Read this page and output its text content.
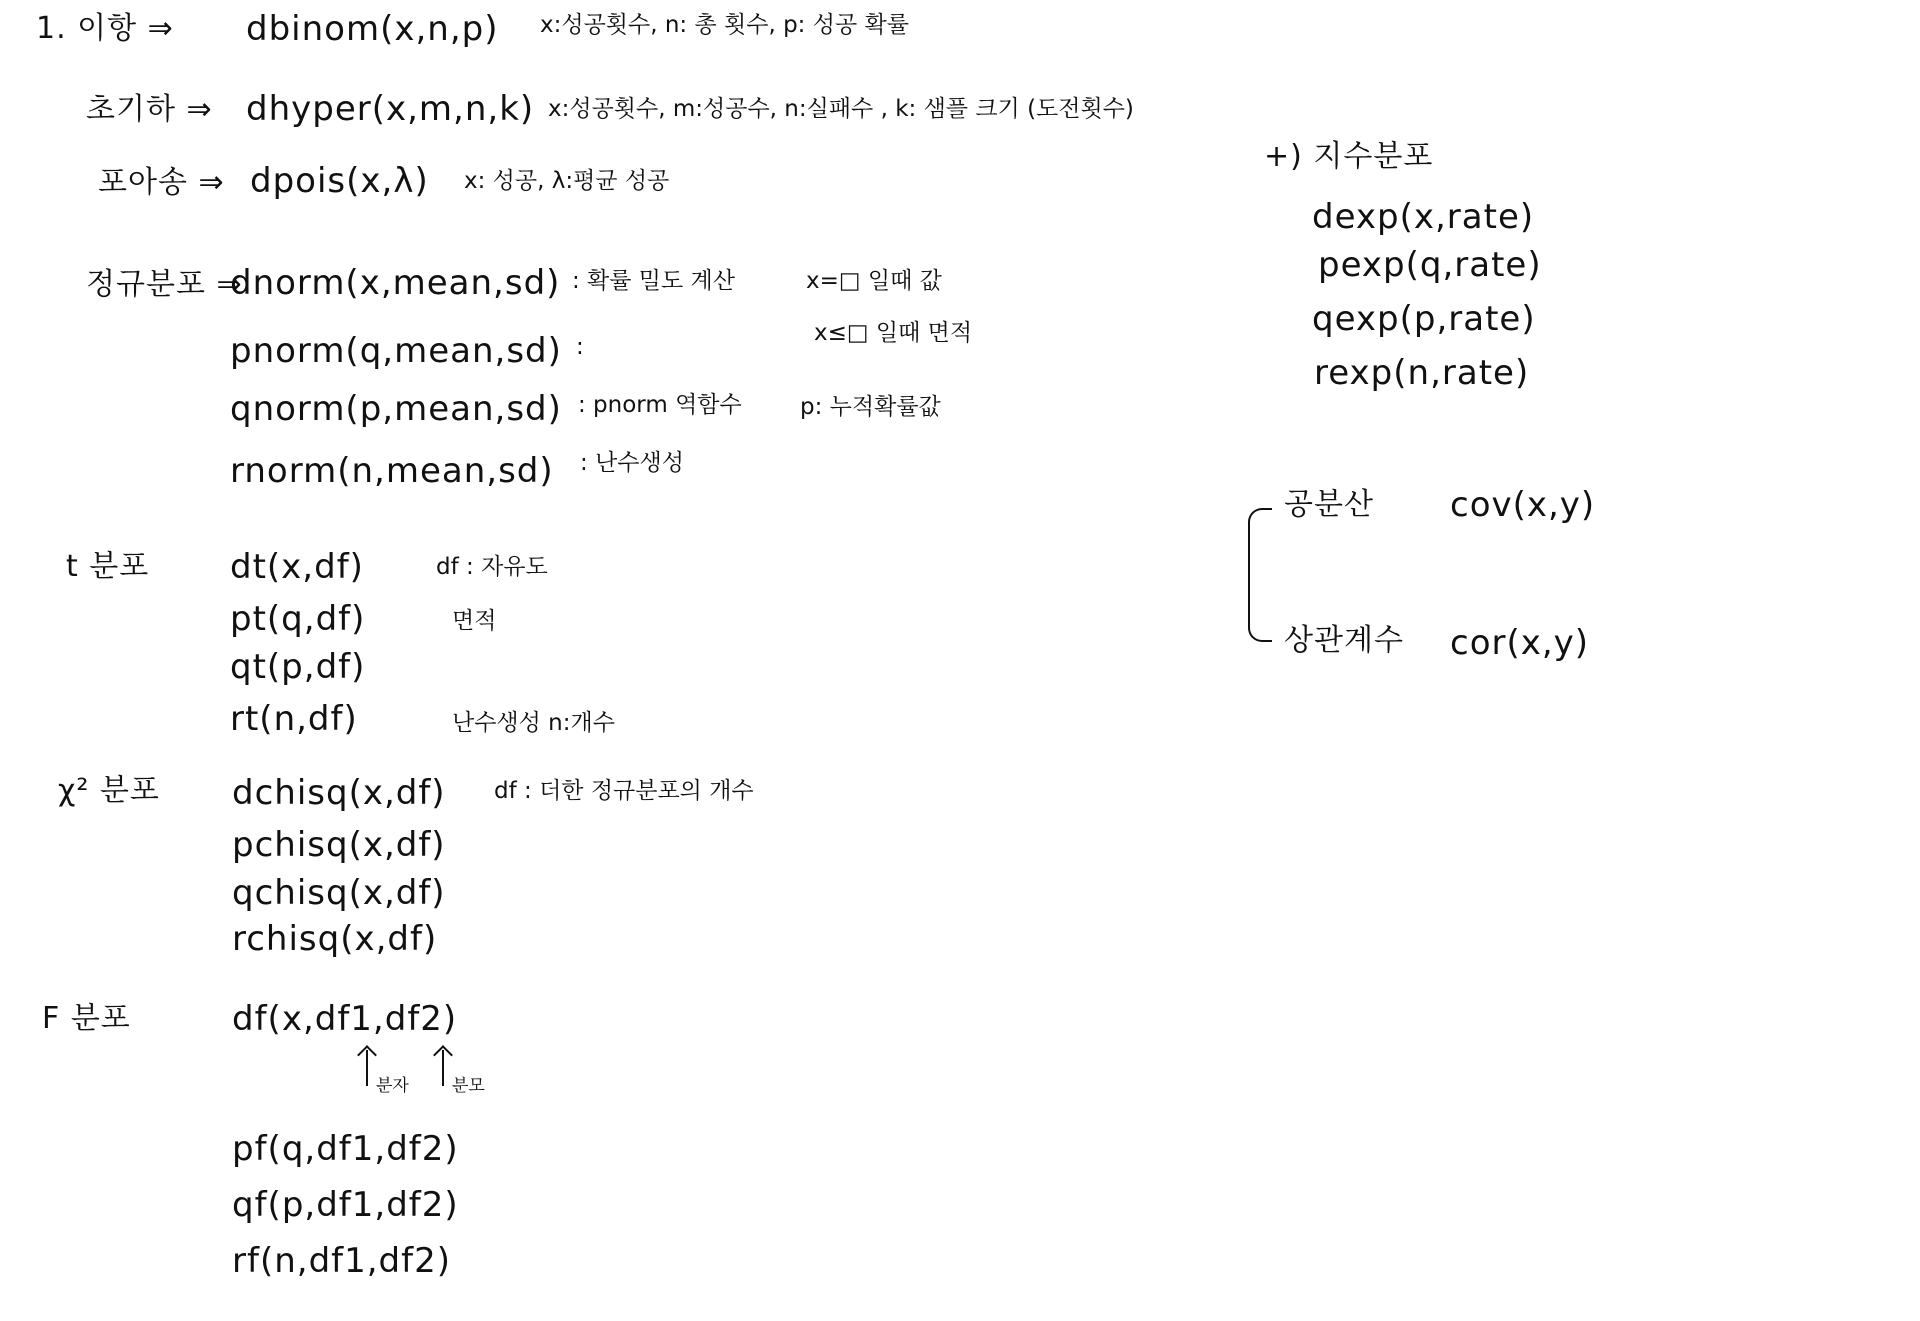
1. 이항 ⇒ dbinom(x,n,p) x:성공횟수, n: 총 횟수, p: 성공 확률
초기하 ⇒ dhyper(x,m,n,k) x:성공횟수, m:성공수, n:실패수 , k: 샘플 크기 (도전횟수)
포아송 ⇒ dpois(x,λ) x: 성공, λ:평균 성공
정규분포 ⇒
dnorm(x,mean,sd) : 확률 밀도 계산	x=□ 일때 값
pnorm(q,mean,sd) :
x≤□ 일때 면적
qnorm(p,mean,sd) : pnorm 역함수	p: 누적확률값
rnorm(n,mean,sd) : 난수생성
t 분포 dt(x,df)	df : 자유도
pt(q,df)	면적
qt(p,df)
rt(n,df)	난수생성 n:개수
χ² 분포 dchisq(x,df) df : 더한 정규분포의 개수
pchisq(x,df)
qchisq(x,df)
rchisq(x,df)
F 분포	df(x,df1,df2)
분자	분모
pf(q,df1,df2)
qf(p,df1,df2)
rf(n,df1,df2)
+) 지수분포
dexp(x,rate)
pexp(q,rate)
qexp(p,rate)
rexp(n,rate)
공분산 cov(x,y)
상관계수 cor(x,y)
